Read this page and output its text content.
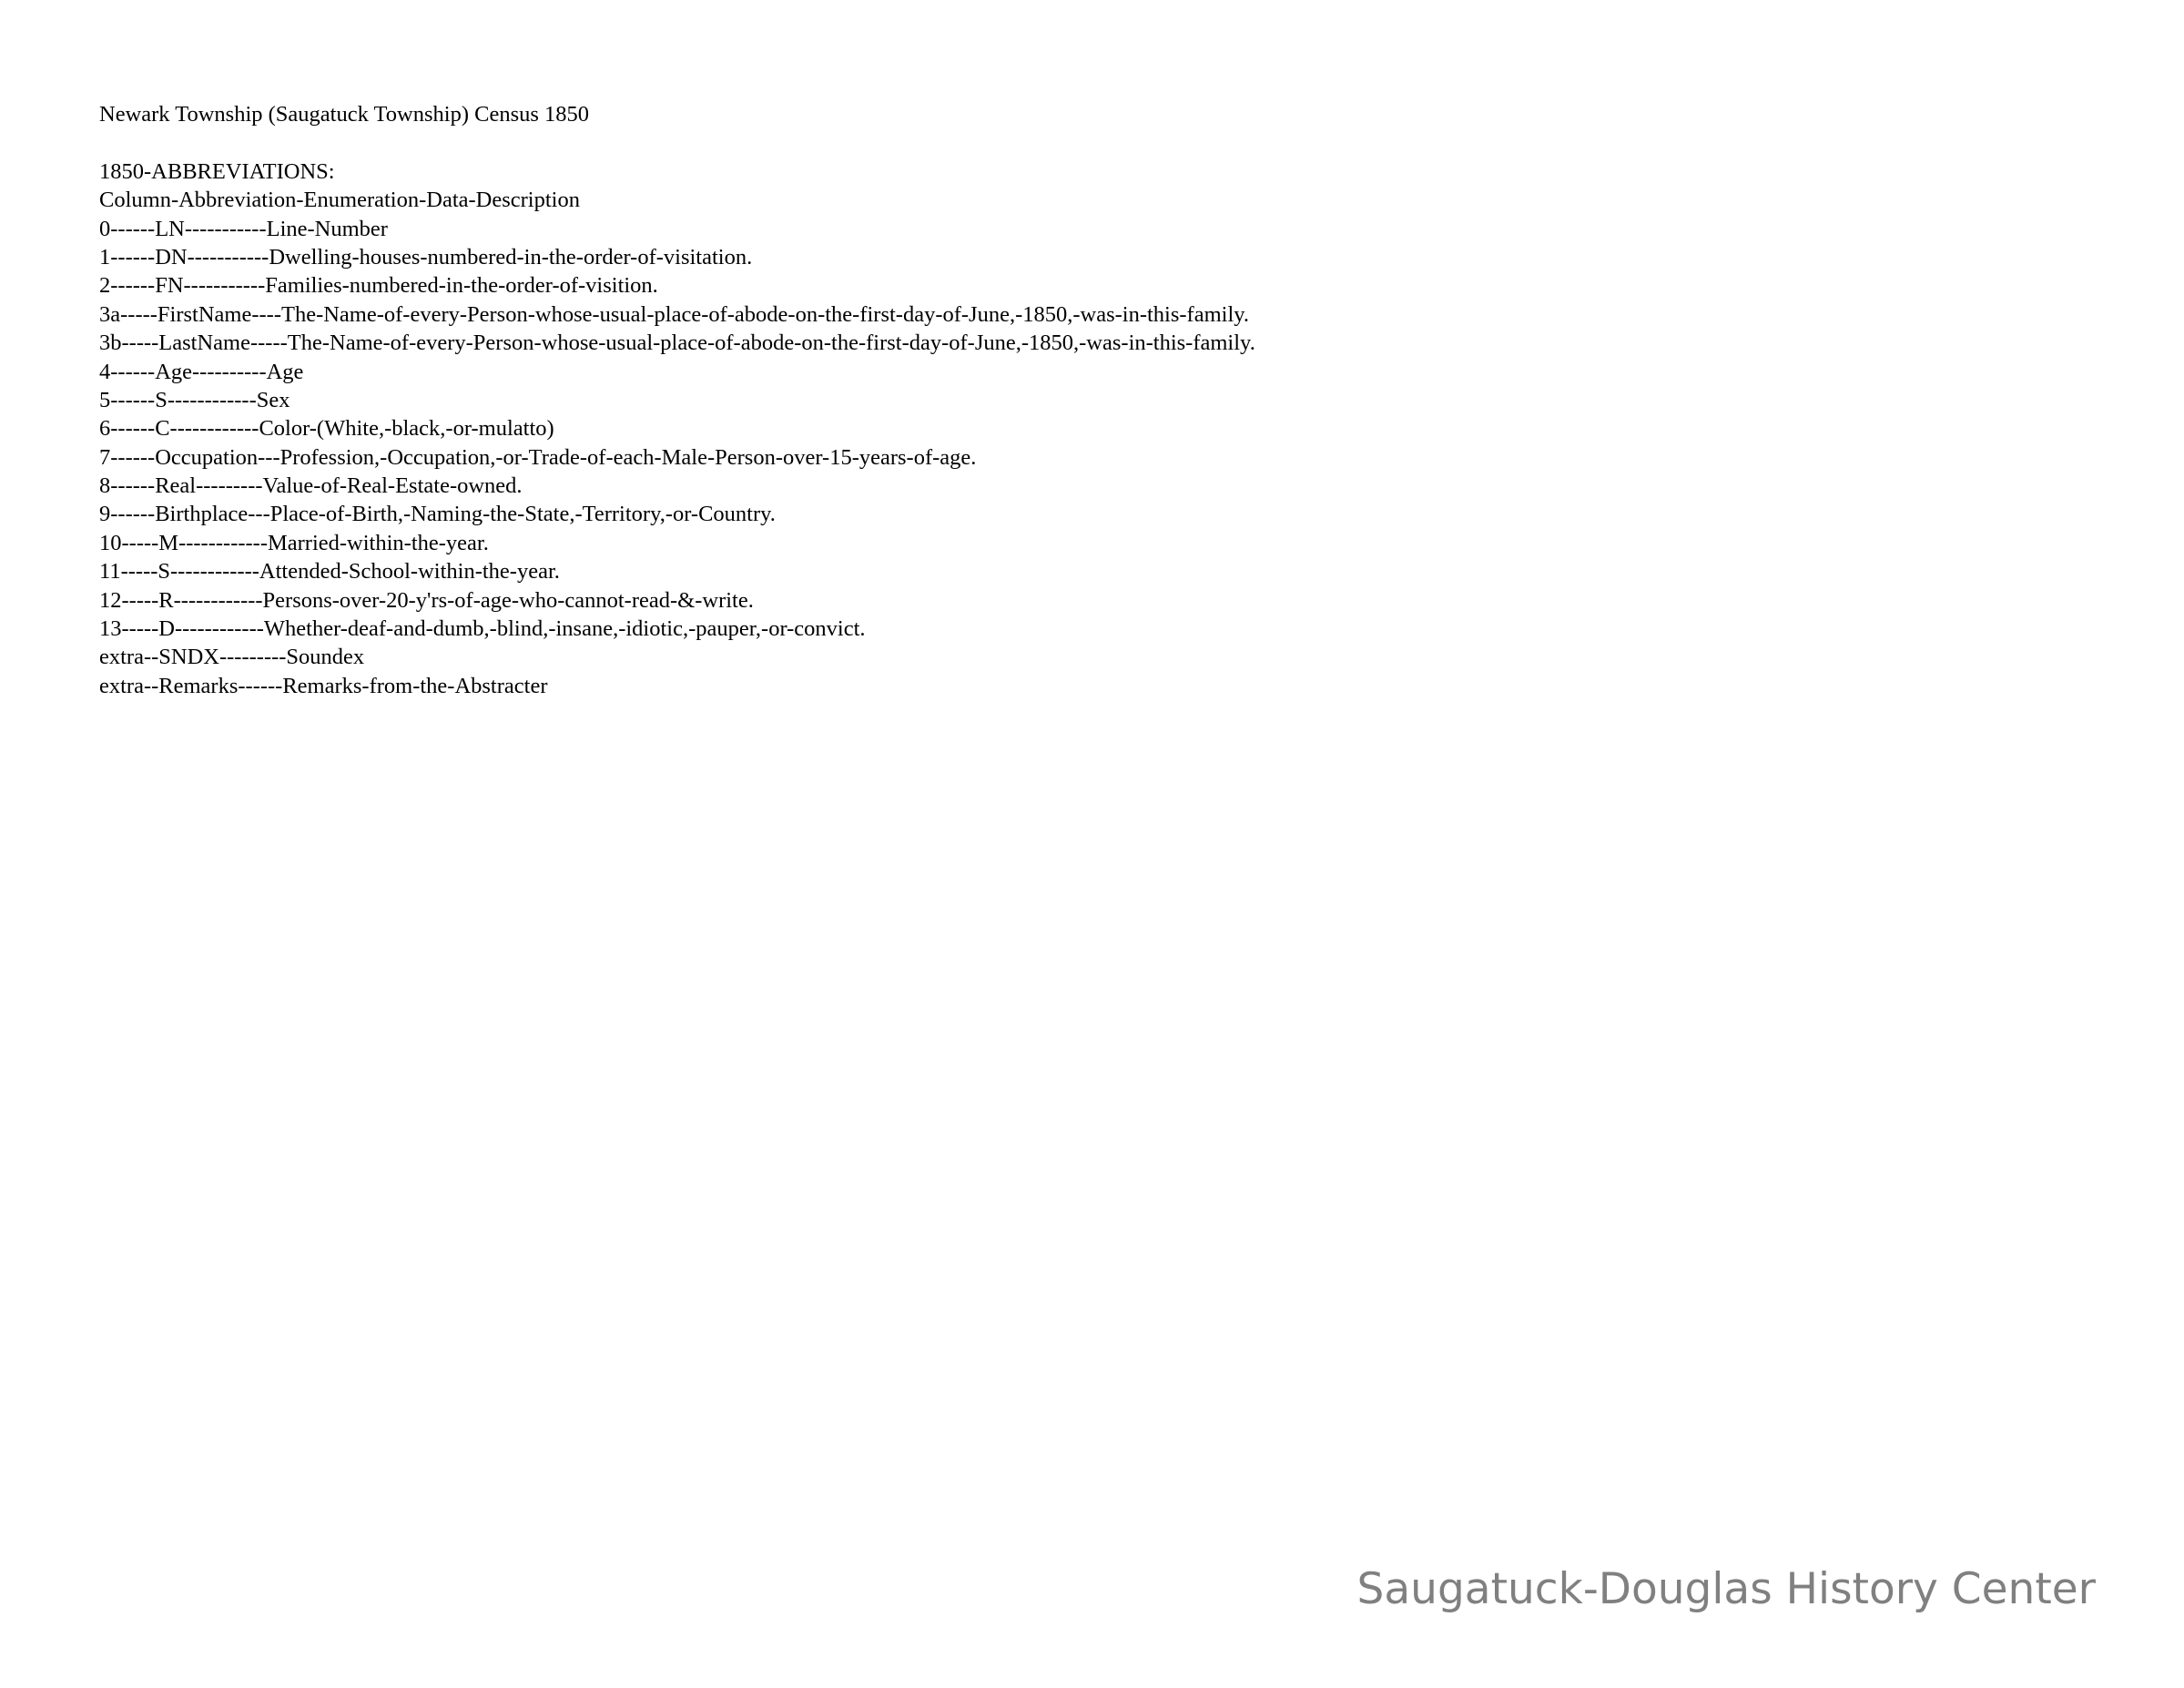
Newark Township (Saugatuck Township) Census 1850
1850-ABBREVIATIONS:
Column-Abbreviation-Enumeration-Data-Description
0------LN-----------Line-Number
1------DN-----------Dwelling-houses-numbered-in-the-order-of-visitation.
2------FN-----------Families-numbered-in-the-order-of-visition.
3a-----FirstName----The-Name-of-every-Person-whose-usual-place-of-abode-on-the-first-day-of-June,-1850,-was-in-this-family.
3b-----LastName-----The-Name-of-every-Person-whose-usual-place-of-abode-on-the-first-day-of-June,-1850,-was-in-this-family.
4------Age----------Age
5------S------------Sex
6------C------------Color-(White,-black,-or-mulatto)
7------Occupation---Profession,-Occupation,-or-Trade-of-each-Male-Person-over-15-years-of-age.
8------Real---------Value-of-Real-Estate-owned.
9------Birthplace---Place-of-Birth,-Naming-the-State,-Territory,-or-Country.
10-----M------------Married-within-the-year.
11-----S------------Attended-School-within-the-year.
12-----R------------Persons-over-20-y'rs-of-age-who-cannot-read-&-write.
13-----D------------Whether-deaf-and-dumb,-blind,-insane,-idiotic,-pauper,-or-convict.
extra--SNDX---------Soundex
extra--Remarks------Remarks-from-the-Abstracter
Saugatuck-Douglas History Center
